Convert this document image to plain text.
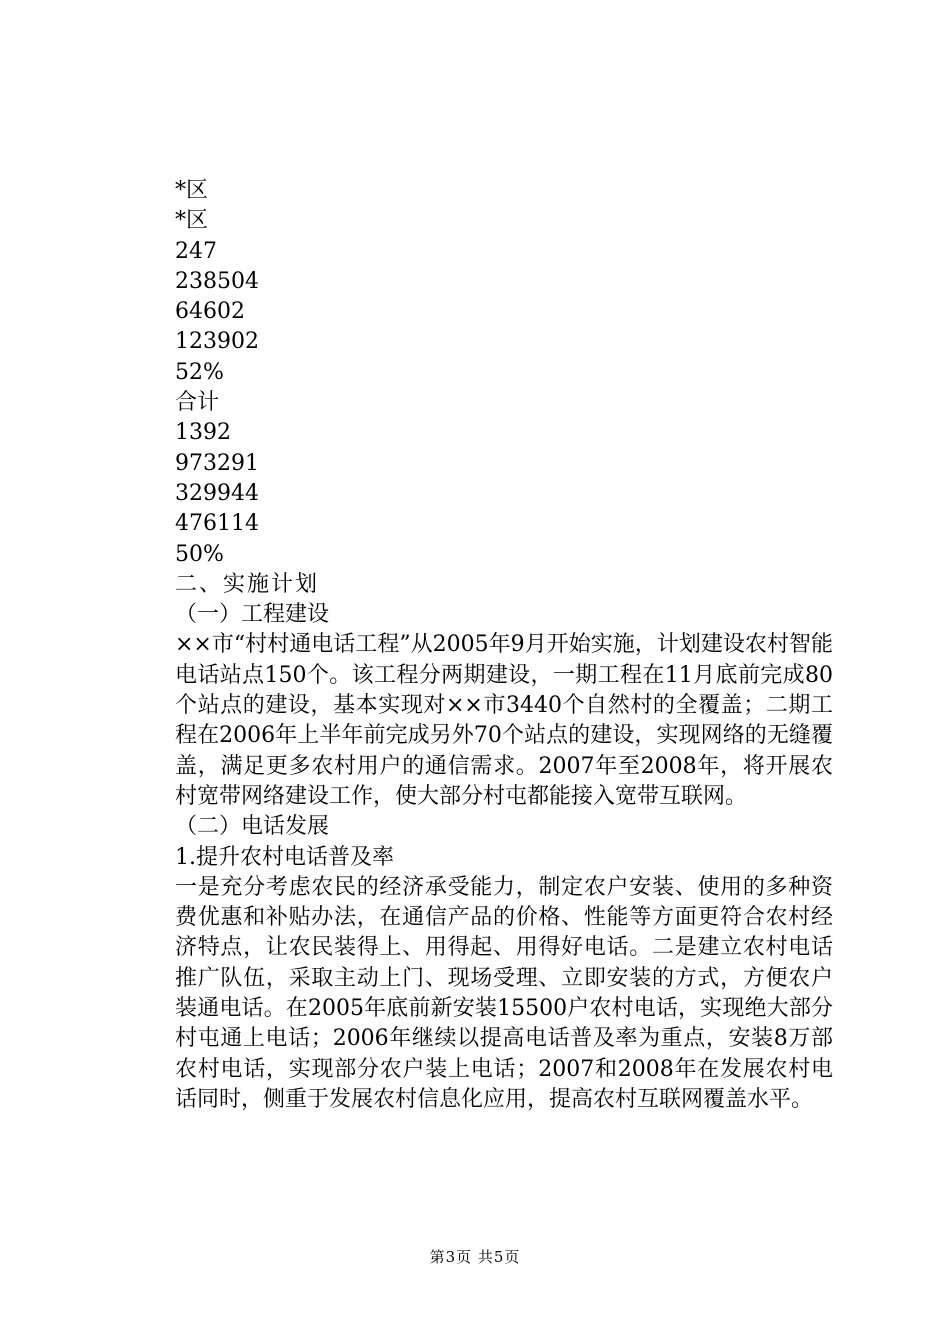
*区
*区
247
238504
64602
123902
52%
合计
1392
973291
329944
476114
50%
二、实施计划
（一）工程建设

××市“村村通电话工程”从2005年9月开始实施，计划建设农村智能电话站点150个。该工程分两期建设，一期工程在11月底前完成80个站点的建设，基本实现对××市3440个自然村的全覆盖；二期工程在2006年上半年前完成另外70个站点的建设，实现网络的无缝覆盖，满足更多农村用户的通信需求。2007年至2008年，将开展农村宽带网络建设工作，使大部分村屯都能接入宽带互联网。

（二）电话发展
1.提升农村电话普及率

一是充分考虑农民的经济承受能力，制定农户安装、使用的多种资费优惠和补贴办法，在通信产品的价格、性能等方面更符合农村经济特点，让农民装得上、用得起、用得好电话。二是建立农村电话推广队伍，采取主动上门、现场受理、立即安装的方式，方便农户装通电话。在2005年底前新安装15500户农村电话，实现绝大部分村屯通上电话；2006年继续以提高电话普及率为重点，安装8万部农村电话，实现部分农户装上电话；2007和2008年在发展农村电话同时，侧重于发展农村信息化应用，提高农村互联网覆盖水平。

第3页 共5页
